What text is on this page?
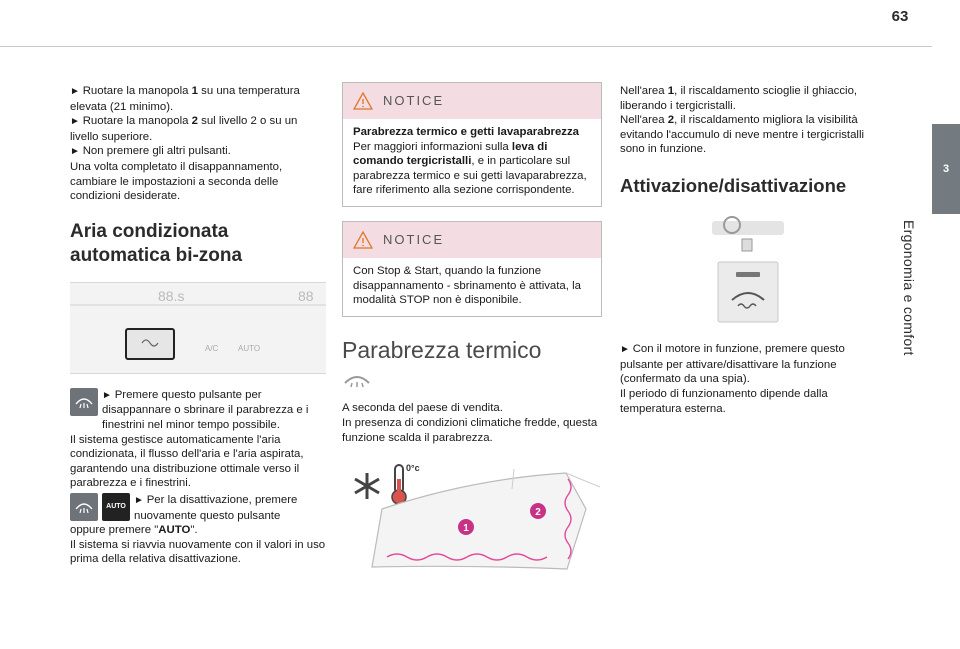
63
3
Ergonomia e comfort

► Ruotare la manopola 1 su una temperatura elevata (21 minimo).

► Ruotare la manopola 2 sul livello 2 o su un livello superiore.

► Non premere gli altri pulsanti.

Una volta completato il disappannamento, cambiare le impostazioni a seconda delle condizioni desiderate.

Aria condizionata automatica bi-zona
88.s	88
A/C AUTO
► Premere questo pulsante per disappannare o sbrinare il parabrezza e i finestrini nel minor tempo possibile.

Il sistema gestisce automaticamente l'aria condizionata, il flusso dell'aria e l'aria aspirata, garantendo una distribuzione ottimale verso il parabrezza e i finestrini.

AUTO
► Per la disattivazione, premere nuovamente questo pulsante

oppure premere "AUTO".

Il sistema si riavvia nuovamente con il valori in uso prima della relativa disattivazione.

NOTICE

Parabrezza termico e getti lavaparabrezza

Per maggiori informazioni sulla leva di comando tergicristalli, e in particolare sul parabrezza termico e sui getti lavaparabrezza, fare riferimento alla sezione corrispondente.

NOTICE

Con Stop & Start, quando la funzione disappannamento - sbrinamento è attivata, la modalità STOP non è disponibile.

Parabrezza termico

A seconda del paese di vendita.

In presenza di condizioni climatiche fredde, questa funzione scalda il parabrezza.

0°c
1
2

Nell'area 1, il riscaldamento scioglie il ghiaccio, liberando i tergicristalli.

Nell'area 2, il riscaldamento migliora la visibilità evitando l'accumulo di neve mentre i tergicristalli sono in funzione.

Attivazione/disattivazione

► Con il motore in funzione, premere questo pulsante per attivare/disattivare la funzione (confermato da una spia).

Il periodo di funzionamento dipende dalla temperatura esterna.
